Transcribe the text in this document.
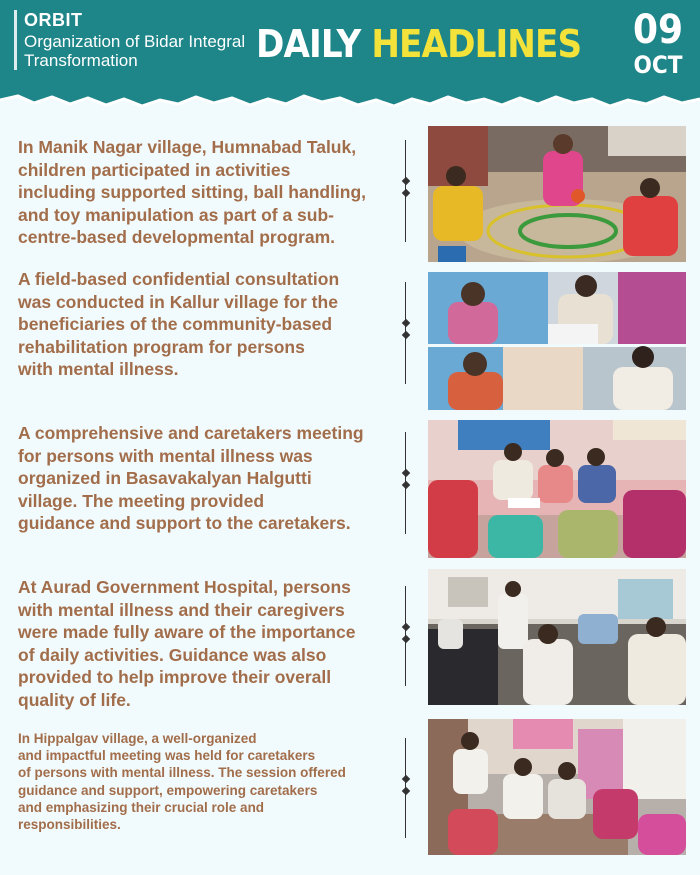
ORBIT
Organization of Bidar Integral Transformation	DAILY HEADLINES 09
OCT
In Manik Nagar village, Humnabad Taluk,
children participated in activities
including supported sitting, ball handling,
and toy manipulation as part of a sub-
centre-based developmental program.
A field-based confidential consultation
was conducted in Kallur village for the
beneficiaries of the community-based
rehabilitation program for persons
with mental illness.
A comprehensive and caretakers meeting
for persons with mental illness was
organized in Basavakalyan Halgutti
village. The meeting provided
guidance and support to the caretakers.
At Aurad Government Hospital, persons
with mental illness and their caregivers
were made fully aware of the importance
of daily activities. Guidance was also
provided to help improve their overall
quality of life.
In Hippalgav village, a well-organized
and impactful meeting was held for caretakers
of persons with mental illness. The session offered
guidance and support, empowering caretakers
and emphasizing their crucial role and
responsibilities.
